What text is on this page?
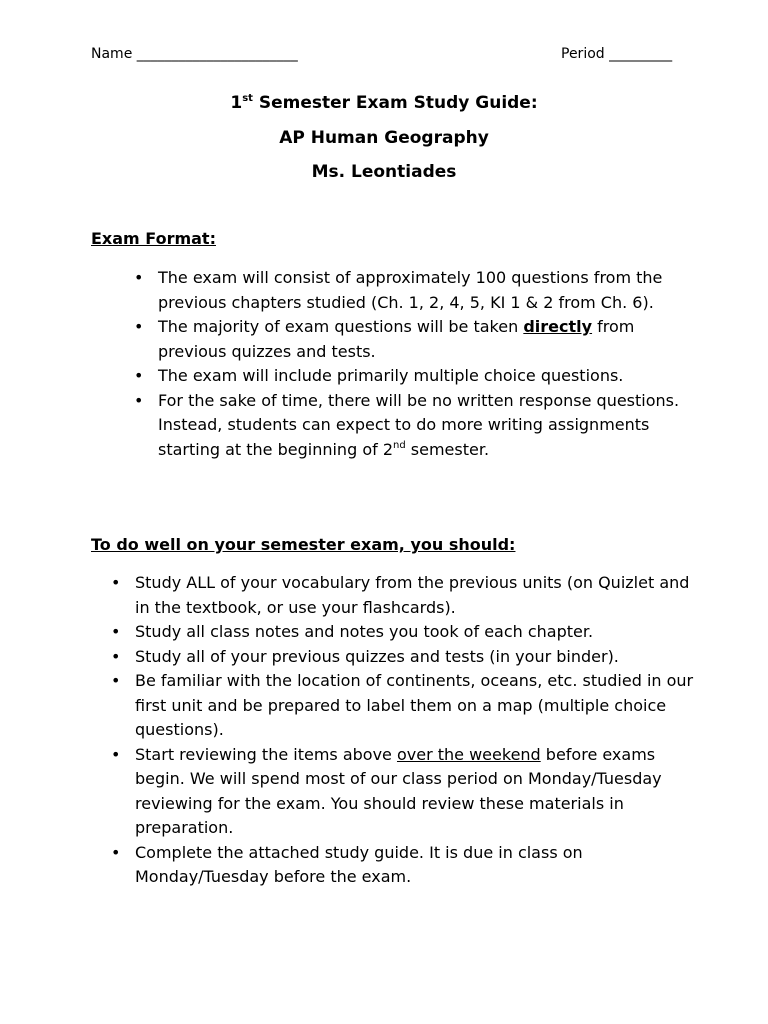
Name _______________________	Period _________
1st Semester Exam Study Guide:
AP Human Geography
Ms. Leontiades
Exam Format:
• The exam will consist of approximately 100 questions from the previous chapters studied (Ch. 1, 2, 4, 5, KI 1 & 2 from Ch. 6).
• The majority of exam questions will be taken directly from previous quizzes and tests.
• The exam will include primarily multiple choice questions.
• For the sake of time, there will be no written response questions. Instead, students can expect to do more writing assignments starting at the beginning of 2nd semester.
To do well on your semester exam, you should:
• Study ALL of your vocabulary from the previous units (on Quizlet and in the textbook, or use your flashcards).
• Study all class notes and notes you took of each chapter.
• Study all of your previous quizzes and tests (in your binder).
• Be familiar with the location of continents, oceans, etc. studied in our first unit and be prepared to label them on a map (multiple choice questions).
• Start reviewing the items above over the weekend before exams begin. We will spend most of our class period on Monday/Tuesday reviewing for the exam. You should review these materials in preparation.
• Complete the attached study guide. It is due in class on Monday/Tuesday before the exam.
